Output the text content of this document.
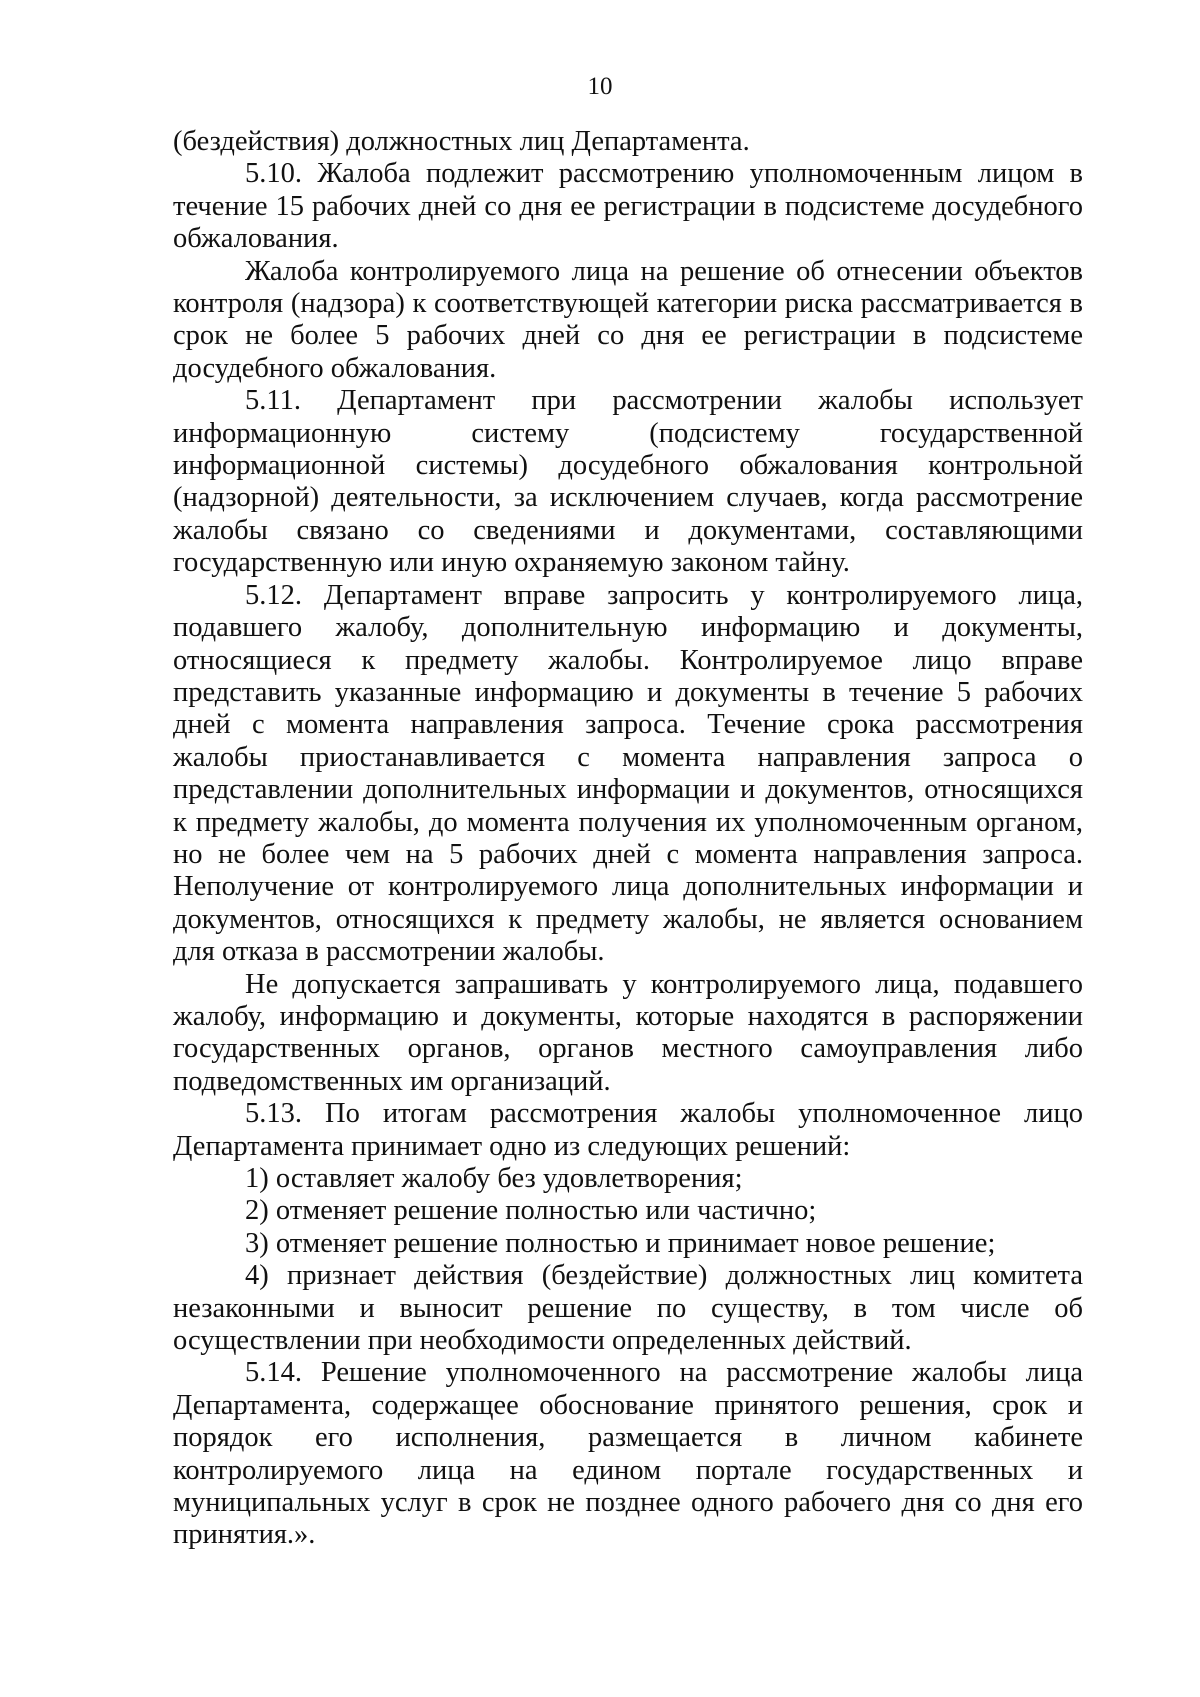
10

(бездействия) должностных лиц Департамента.

5.10. Жалоба подлежит рассмотрению уполномоченным лицом в течение 15 рабочих дней со дня ее регистрации в подсистеме досудебного обжалования.

Жалоба контролируемого лица на решение об отнесении объектов контроля (надзора) к соответствующей категории риска рассматривается в срок не более 5 рабочих дней со дня ее регистрации в подсистеме досудебного обжалования.

5.11. Департамент при рассмотрении жалобы использует информационную систему (подсистему государственной информационной системы) досудебного обжалования контрольной (надзорной) деятельности, за исключением случаев, когда рассмотрение жалобы связано со сведениями и документами, составляющими государственную или иную охраняемую законом тайну.

5.12. Департамент вправе запросить у контролируемого лица, подавшего жалобу, дополнительную информацию и документы, относящиеся к предмету жалобы. Контролируемое лицо вправе представить указанные информацию и документы в течение 5 рабочих дней с момента направления запроса. Течение срока рассмотрения жалобы приостанавливается с момента направления запроса о представлении дополнительных информации и документов, относящихся к предмету жалобы, до момента получения их уполномоченным органом, но не более чем на 5 рабочих дней с момента направления запроса. Неполучение от контролируемого лица дополнительных информации и документов, относящихся к предмету жалобы, не является основанием для отказа в рассмотрении жалобы.

Не допускается запрашивать у контролируемого лица, подавшего жалобу, информацию и документы, которые находятся в распоряжении государственных органов, органов местного самоуправления либо подведомственных им организаций.

5.13. По итогам рассмотрения жалобы уполномоченное лицо Департамента принимает одно из следующих решений:

1) оставляет жалобу без удовлетворения;

2) отменяет решение полностью или частично;

3) отменяет решение полностью и принимает новое решение;

4) признает действия (бездействие) должностных лиц комитета незаконными и выносит решение по существу, в том числе об осуществлении при необходимости определенных действий.

5.14. Решение уполномоченного на рассмотрение жалобы лица Департамента, содержащее обоснование принятого решения, срок и порядок его исполнения, размещается в личном кабинете контролируемого лица на едином портале государственных и муниципальных услуг в срок не позднее одного рабочего дня со дня его принятия.».
